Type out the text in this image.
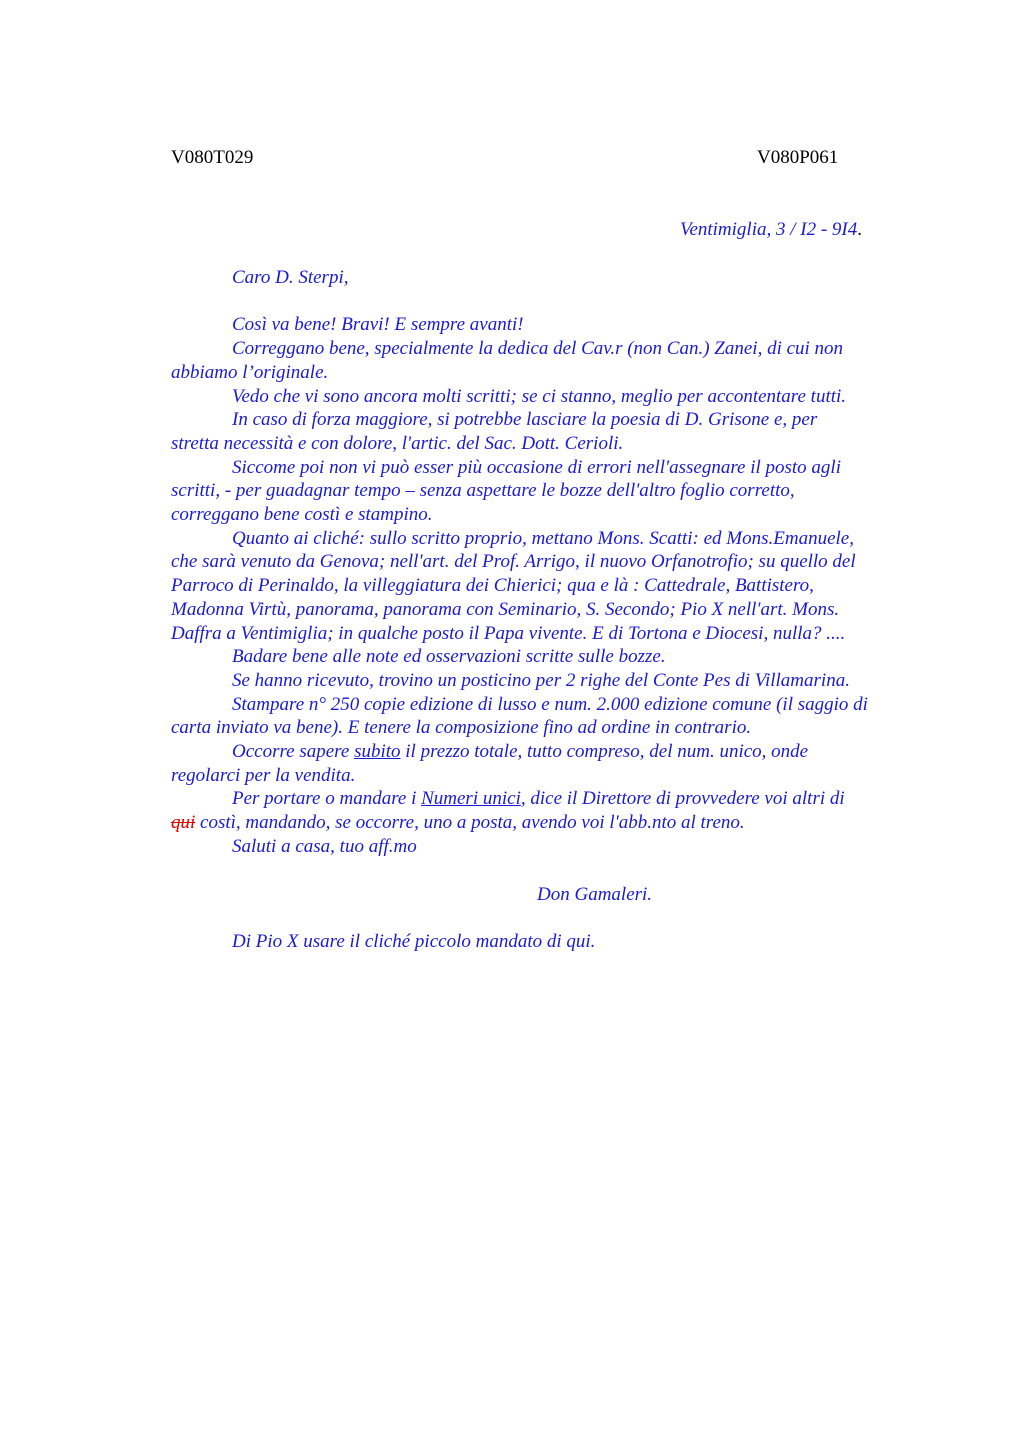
V080T029	V080P061

Ventimiglia, 3 / I2 - 9I4.

Caro D. Sterpi,

Così va bene! Bravi! E sempre avanti!

Correggano bene, specialmente la dedica del Cav.r (non Can.) Zanei, di cui non

abbiamo l’originale.

Vedo che vi sono ancora molti scritti; se ci stanno, meglio per accontentare tutti.

In caso di forza maggiore, si potrebbe lasciare la poesia di D. Grisone e, per

stretta necessità e con dolore, l'artic. del Sac. Dott. Cerioli.

Siccome poi non vi può esser più occasione di errori nell'assegnare il posto agli

scritti, - per guadagnar tempo – senza aspettare le bozze dell'altro foglio corretto,

correggano bene costì e stampino.

Quanto ai cliché: sullo scritto proprio, mettano Mons. Scatti: ed Mons.Emanuele,

che sarà venuto da Genova; nell'art. del Prof. Arrigo, il nuovo Orfanotrofio; su quello del

Parroco di Perinaldo, la villeggiatura dei Chierici; qua e là : Cattedrale, Battistero,

Madonna Virtù, panorama, panorama con Seminario, S. Secondo; Pio X nell'art. Mons.

Daffra a Ventimiglia; in qualche posto il Papa vivente. E di Tortona e Diocesi, nulla? ....

Badare bene alle note ed osservazioni scritte sulle bozze.

Se hanno ricevuto, trovino un posticino per 2 righe del Conte Pes di Villamarina.

Stampare n° 250 copie edizione di lusso e num. 2.000 edizione comune (il saggio di

carta inviato va bene). E tenere la composizione fino ad ordine in contrario.

Occorre sapere subito il prezzo totale, tutto compreso, del num. unico, onde

regolarci per la vendita.

Per portare o mandare i Numeri unici, dice il Direttore di provvedere voi altri di

qui costì, mandando, se occorre, uno a posta, avendo voi l'abb.nto al treno.

Saluti a casa, tuo aff.mo

Don Gamaleri.

Di Pio X usare il cliché piccolo mandato di qui.
